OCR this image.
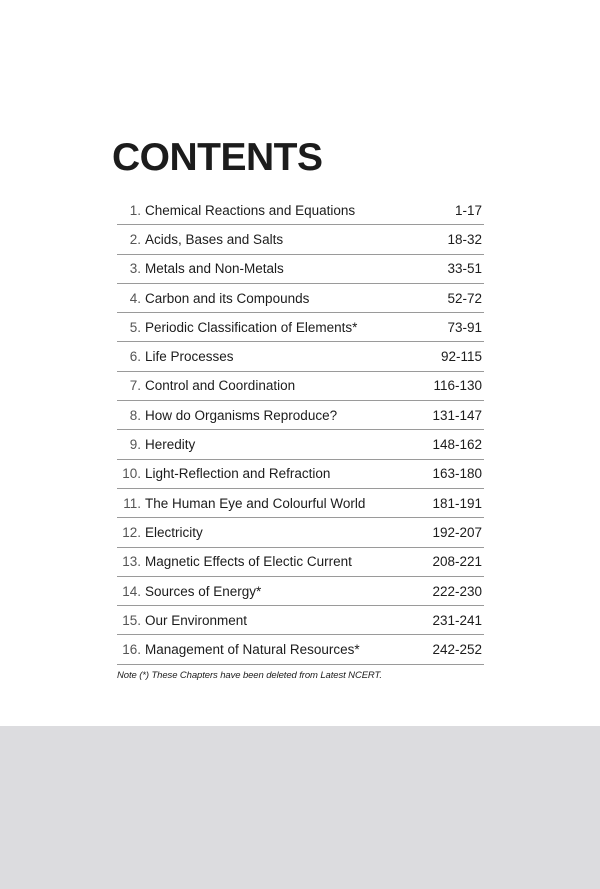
CONTENTS
1. Chemical Reactions and Equations	1-17
2. Acids, Bases and Salts	18-32
3. Metals and Non-Metals	33-51
4. Carbon and its Compounds	52-72
5. Periodic Classification of Elements*	73-91
6. Life Processes	92-115
7. Control and Coordination	116-130
8. How do Organisms Reproduce?	131-147
9. Heredity	148-162
10. Light-Reflection and Refraction	163-180
11. The Human Eye and Colourful World	181-191
12. Electricity	192-207
13. Magnetic Effects of Electic Current	208-221
14. Sources of Energy*	222-230
15. Our Environment	231-241
16. Management of Natural Resources*	242-252
Note (*) These Chapters have been deleted from Latest NCERT.
